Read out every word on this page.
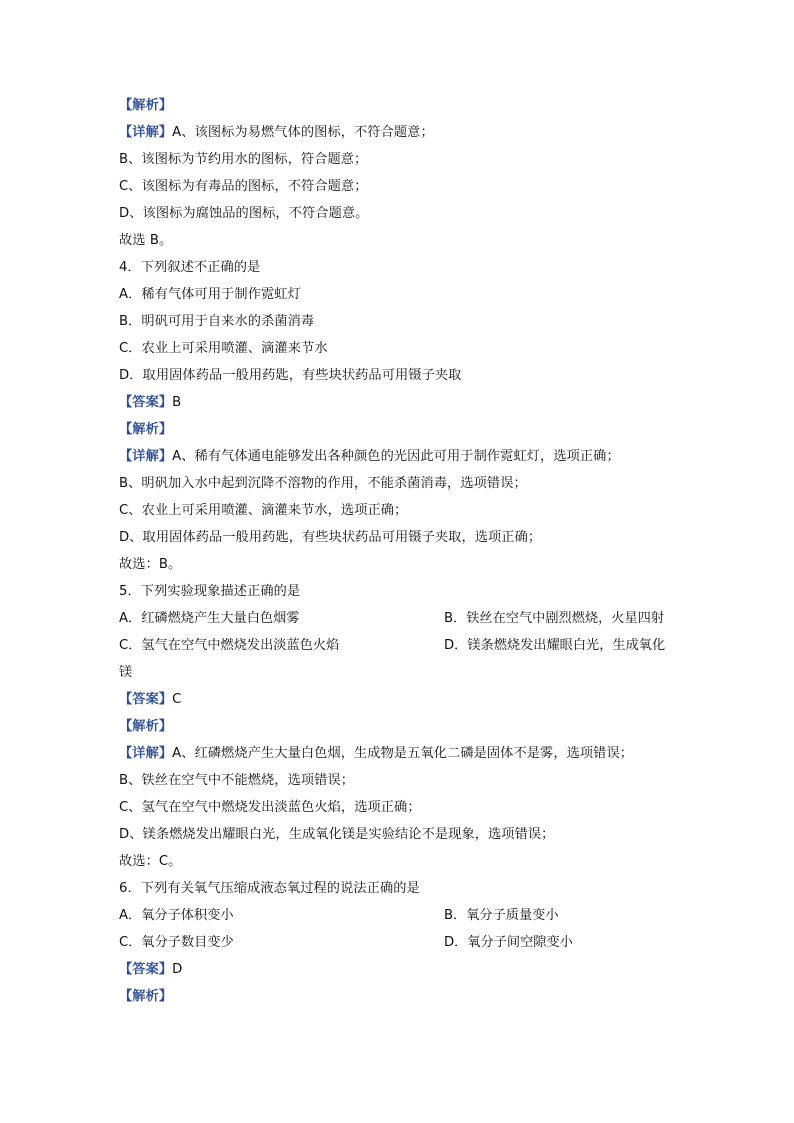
【解析】
【详解】A、该图标为易燃气体的图标，不符合题意；
B、该图标为节约用水的图标，符合题意；
C、该图标为有毒品的图标，不符合题意；
D、该图标为腐蚀品的图标，不符合题意。
故选 B。
4．下列叙述不正确的是
A．稀有气体可用于制作霓虹灯
B．明矾可用于自来水的杀菌消毒
C．农业上可采用喷灌、滴灌来节水
D．取用固体药品一般用药匙，有些块状药品可用镊子夹取
【答案】B
【解析】
【详解】A、稀有气体通电能够发出各种颜色的光因此可用于制作霓虹灯，选项正确；
B、明矾加入水中起到沉降不溶物的作用，不能杀菌消毒，选项错误；
C、农业上可采用喷灌、滴灌来节水，选项正确；
D、取用固体药品一般用药匙，有些块状药品可用镊子夹取，选项正确；
故选：B。
5．下列实验现象描述正确的是
A．红磷燃烧产生大量白色烟雾	B．铁丝在空气中剧烈燃烧，火星四射
C．氢气在空气中燃烧发出淡蓝色火焰	D．镁条燃烧发出耀眼白光，生成氧化
镁
【答案】C
【解析】
【详解】A、红磷燃烧产生大量白色烟，生成物是五氧化二磷是固体不是雾，选项错误；
B、铁丝在空气中不能燃烧，选项错误；
C、氢气在空气中燃烧发出淡蓝色火焰，选项正确；
D、镁条燃烧发出耀眼白光，生成氧化镁是实验结论不是现象，选项错误；
故选：C。
6．下列有关氧气压缩成液态氧过程的说法正确的是
A．氧分子体积变小	B．氧分子质量变小
C．氧分子数目变少	D．氧分子间空隙变小
【答案】D
【解析】
